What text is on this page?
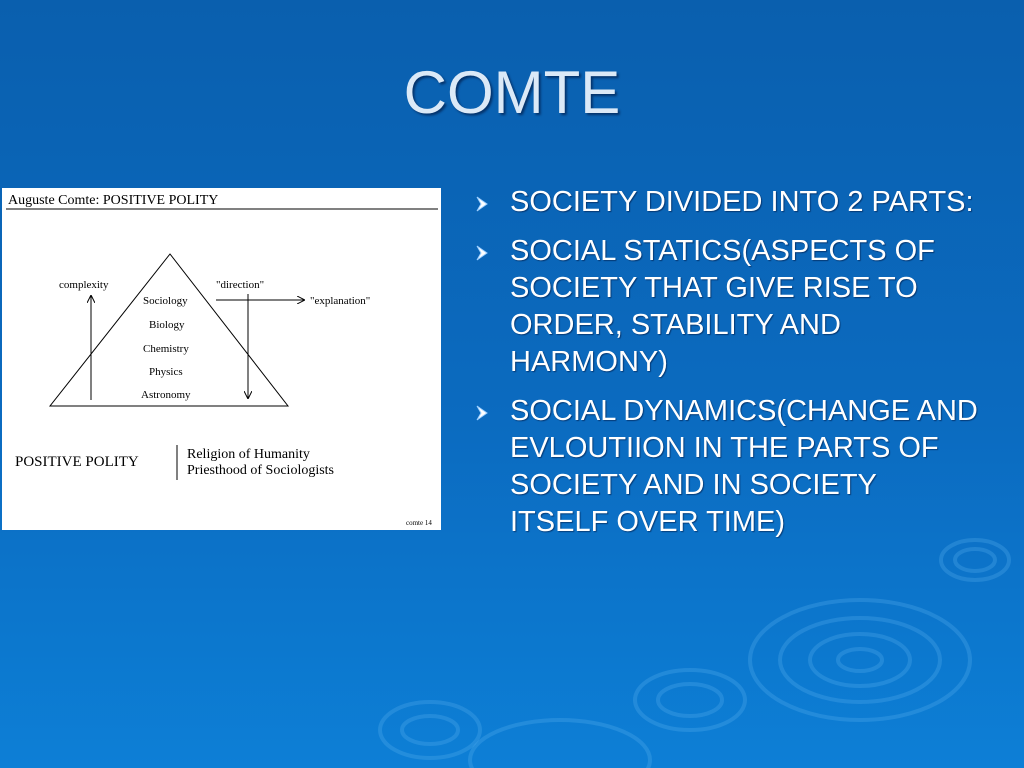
COMTE
Auguste Comte: POSITIVE POLITY
complexity	"direction"
"explanation"
Sociology
Biology
Chemistry
Physics
Astronomy
POSITIVE POLITY	Religion of Humanity
Priesthood of Sociologists
comte 14
SOCIETY DIVIDED INTO 2 PARTS:
SOCIAL STATICS(ASPECTS OF SOCIETY THAT GIVE RISE TO ORDER, STABILITY AND HARMONY)
SOCIAL DYNAMICS(CHANGE AND EVLOUTIION IN THE PARTS OF SOCIETY AND IN SOCIETY ITSELF OVER TIME)
